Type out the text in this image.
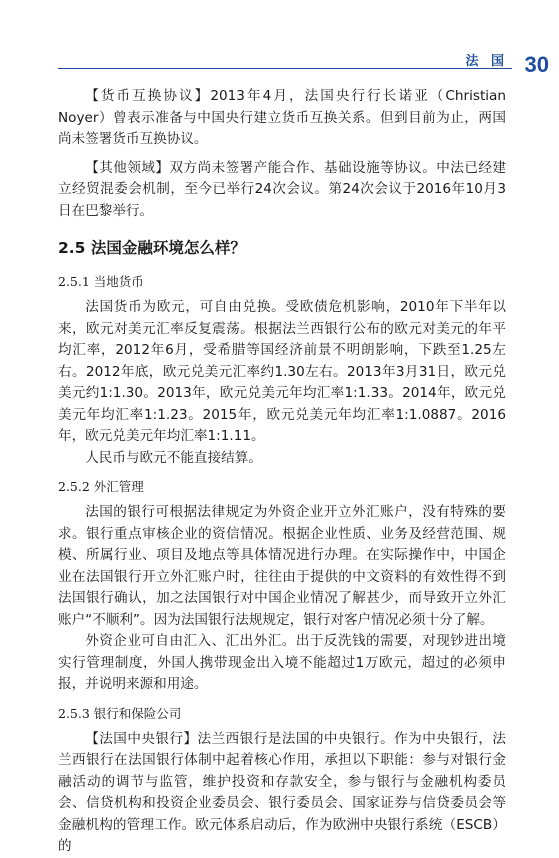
法 国 30

【货币互换协议】2013年4月，法国央行行长诺亚（Christian Noyer）曾表示准备与中国央行建立货币互换关系。但到目前为止，两国尚未签署货币互换协议。

【其他领域】双方尚未签署产能合作、基础设施等协议。中法已经建立经贸混委会机制，至今已举行24次会议。第24次会议于2016年10月3日在巴黎举行。

2.5 法国金融环境怎么样？
2.5.1 当地货币

法国货币为欧元，可自由兑换。受欧债危机影响，2010年下半年以来，欧元对美元汇率反复震荡。根据法兰西银行公布的欧元对美元的年平均汇率，2012年6月，受希腊等国经济前景不明朗影响，下跌至1.25左右。2012年底，欧元兑美元汇率约1.30左右。2013年3月31日，欧元兑美元约1:1.30。2013年，欧元兑美元年均汇率1:1.33。2014年，欧元兑美元年均汇率1:1.23。2015年，欧元兑美元年均汇率1:1.0887。2016年，欧元兑美元年均汇率1:1.11。

人民币与欧元不能直接结算。

2.5.2 外汇管理

法国的银行可根据法律规定为外资企业开立外汇账户，没有特殊的要求。银行重点审核企业的资信情况。根据企业性质、业务及经营范围、规模、所属行业、项目及地点等具体情况进行办理。在实际操作中，中国企业在法国银行开立外汇账户时，往往由于提供的中文资料的有效性得不到法国银行确认，加之法国银行对中国企业情况了解甚少，而导致开立外汇账户“不顺利”。因为法国银行法规规定，银行对客户情况必须十分了解。

外资企业可自由汇入、汇出外汇。出于反洗钱的需要，对现钞进出境实行管理制度，外国人携带现金出入境不能超过1万欧元，超过的必须申报，并说明来源和用途。

2.5.3 银行和保险公司

【法国中央银行】法兰西银行是法国的中央银行。作为中央银行，法兰西银行在法国银行体制中起着核心作用，承担以下职能：参与对银行金融活动的调节与监管，维护投资和存款安全，参与银行与金融机构委员会、信贷机构和投资企业委员会、银行委员会、国家证券与信贷委员会等金融机构的管理工作。欧元体系启动后，作为欧洲中央银行系统（ESCB）的
